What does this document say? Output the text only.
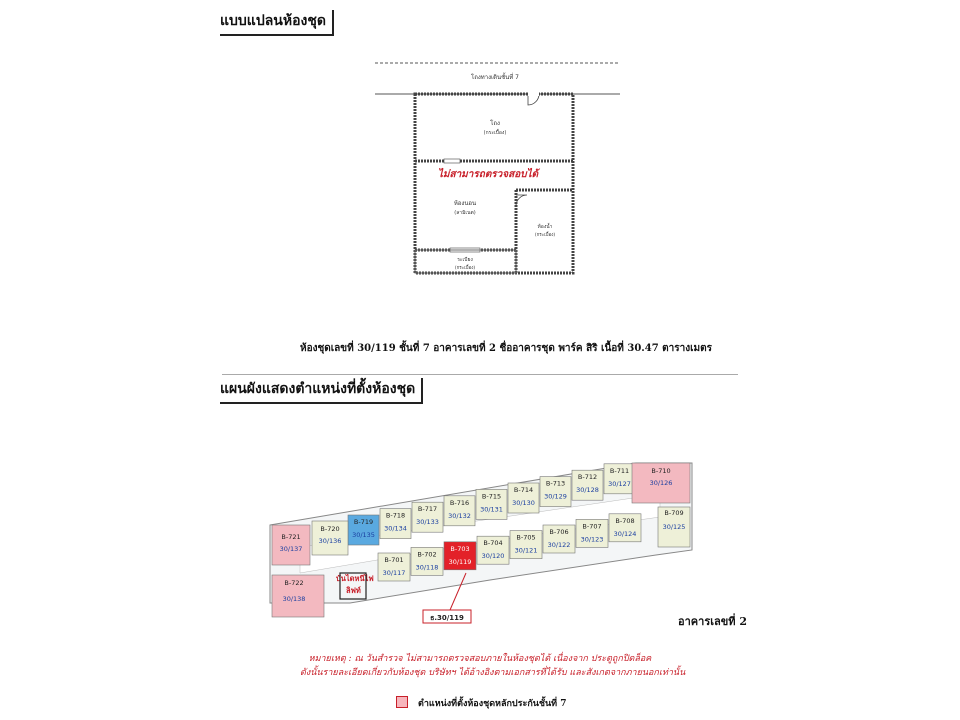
แบบแปลนห้องชุด
โถงทางเดินชั้นที่ 7
โถง
(กระเบื้อง)
ห้องนอน
(ลามิเนต)
ห้องน้ำ
(กระเบื้อง)
ระเบียง
(กระเบื้อง)
ไม่สามารถตรวจสอบได้
ห้องชุดเลขที่ 30/119 ชั้นที่ 7 อาคารเลขที่ 2 ชื่ออาคารชุด พาร์ค สิริ เนื้อที่ 30.47 ตารางเมตร
แผนผังแสดงตำแหน่งที่ตั้งห้องชุด
B-719
30/135
B-718
30/134
B-717
30/133
B-716
30/132
B-715
30/131
B-714
30/130
B-713
30/129
B-712
30/128
B-711
30/127
B-701
30/117
B-702
30/118
B-703
30/119
B-704
30/120
B-705
30/121
B-706
30/122
B-707
30/123
B-708
30/124
B-721
30/137
B-720
30/136
B-722
30/138
บันไดหนีไฟ
ลิฟท์
B-710
30/126
B-709
30/125
ธ.30/119	อาคารเลขที่ 2
หมายเหตุ : ณ วันสำรวจ ไม่สามารถตรวจสอบภายในห้องชุดได้ เนื่องจาก ประตูถูกปิดล็อค
ดังนั้นรายละเอียดเกี่ยวกับห้องชุด บริษัทฯ ได้อ้างอิงตามเอกสารที่ได้รับ และสังเกตจากภายนอกเท่านั้น
ตำแหน่งที่ตั้งห้องชุดหลักประกันชั้นที่ 7
